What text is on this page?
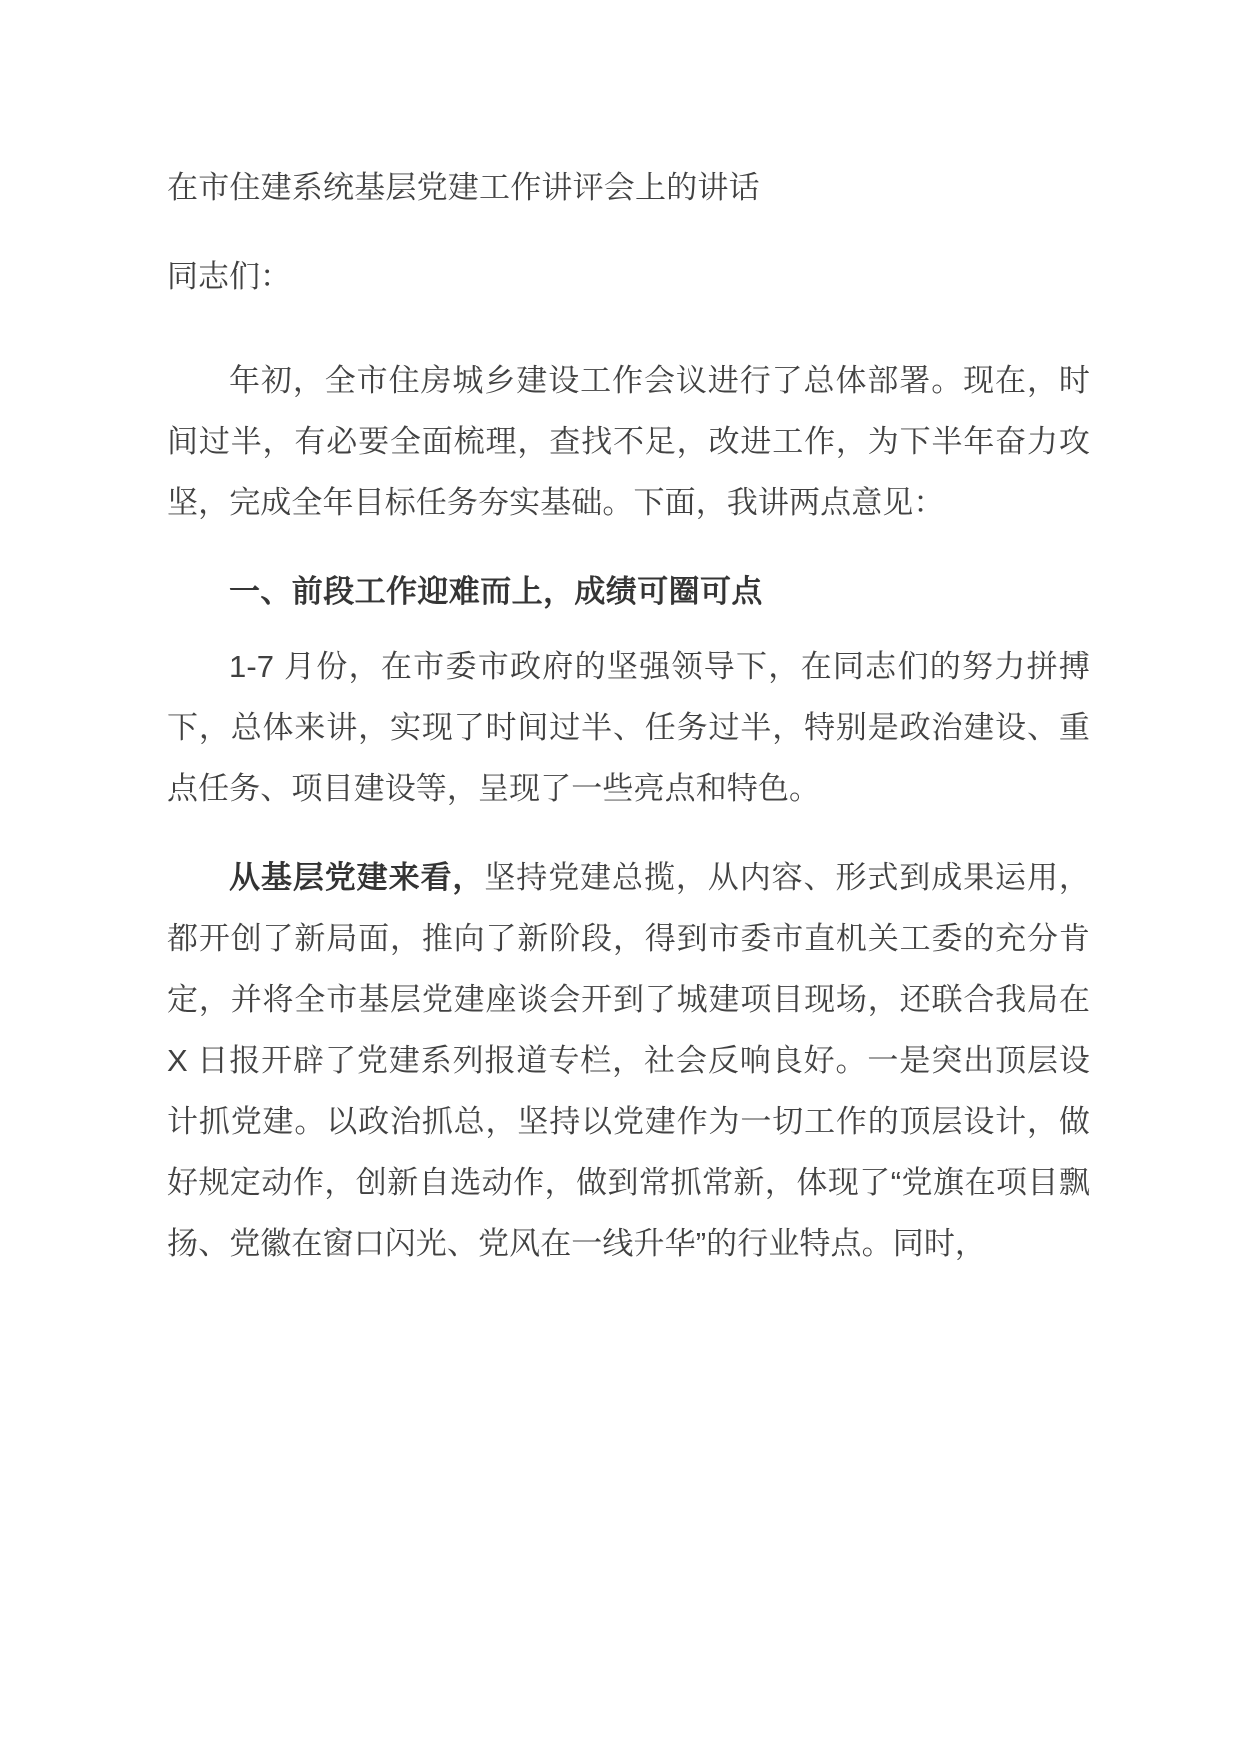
在市住建系统基层党建工作讲评会上的讲话
同志们：

年初，全市住房城乡建设工作会议进行了总体部署。现在，时间过半，有必要全面梳理，查找不足，改进工作，为下半年奋力攻坚，完成全年目标任务夯实基础。下面，我讲两点意见：

一、前段工作迎难而上，成绩可圈可点

1-7 月份，在市委市政府的坚强领导下，在同志们的努力拼搏下，总体来讲，实现了时间过半、任务过半，特别是政治建设、重点任务、项目建设等，呈现了一些亮点和特色。

从基层党建来看，坚持党建总揽，从内容、形式到成果运用，都开创了新局面，推向了新阶段，得到市委市直机关工委的充分肯定，并将全市基层党建座谈会开到了城建项目现场，还联合我局在 X 日报开辟了党建系列报道专栏，社会反响良好。一是突出顶层设计抓党建。以政治抓总，坚持以党建作为一切工作的顶层设计，做好规定动作，创新自选动作，做到常抓常新，体现了“党旗在项目飘扬、党徽在窗口闪光、党风在一线升华”的行业特点。同时，
